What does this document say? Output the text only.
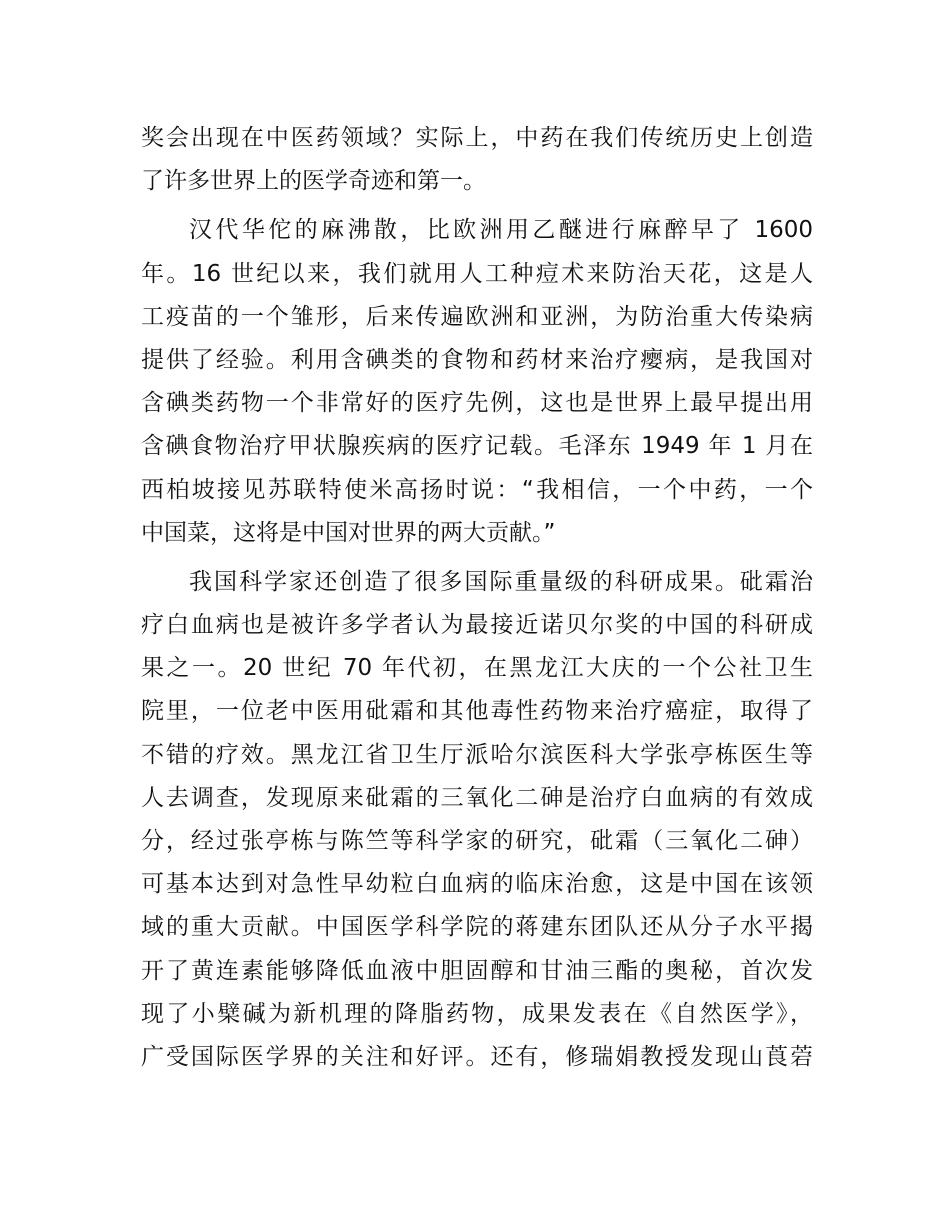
奖会出现在中医药领域？实际上，中药在我们传统历史上创造
了许多世界上的医学奇迹和第一。
汉代华佗的麻沸散，比欧洲用乙醚进行麻醉早了 1600
年。16 世纪以来，我们就用人工种痘术来防治天花，这是人
工疫苗的一个雏形，后来传遍欧洲和亚洲，为防治重大传染病
提供了经验。利用含碘类的食物和药材来治疗瘿病，是我国对
含碘类药物一个非常好的医疗先例，这也是世界上最早提出用
含碘食物治疗甲状腺疾病的医疗记载。毛泽东 1949 年 1 月在
西柏坡接见苏联特使米高扬时说：“我相信，一个中药，一个
中国菜，这将是中国对世界的两大贡献。”
我国科学家还创造了很多国际重量级的科研成果。砒霜治
疗白血病也是被许多学者认为最接近诺贝尔奖的中国的科研成
果之一。20 世纪 70 年代初，在黑龙江大庆的一个公社卫生
院里，一位老中医用砒霜和其他毒性药物来治疗癌症，取得了
不错的疗效。黑龙江省卫生厅派哈尔滨医科大学张亭栋医生等
人去调查，发现原来砒霜的三氧化二砷是治疗白血病的有效成
分，经过张亭栋与陈竺等科学家的研究，砒霜（三氧化二砷）
可基本达到对急性早幼粒白血病的临床治愈，这是中国在该领
域的重大贡献。中国医学科学院的蒋建东团队还从分子水平揭
开了黄连素能够降低血液中胆固醇和甘油三酯的奥秘，首次发
现了小檗碱为新机理的降脂药物，成果发表在《自然医学》，
广受国际医学界的关注和好评。还有，修瑞娟教授发现山莨菪
